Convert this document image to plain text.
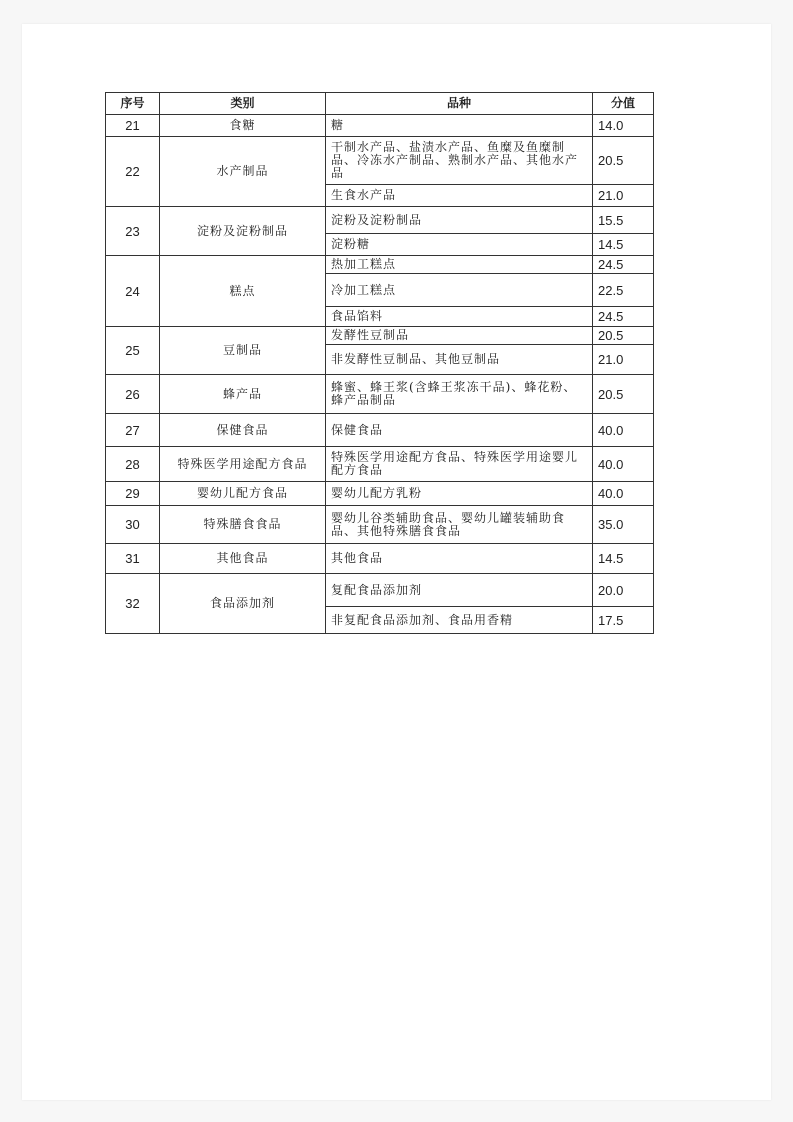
序号	类别	品种	分值
21	食糖	糖	14.0
22	水产制品	干制水产品、盐渍水产品、鱼糜及鱼糜制品、冷冻水产制品、熟制水产品、其他水产品	20.5
		生食水产品	21.0
23	淀粉及淀粉制品	淀粉及淀粉制品	15.5
		淀粉糖	14.5
24	糕点	热加工糕点	24.5
		冷加工糕点	22.5
		食品馅料	24.5
25	豆制品	发酵性豆制品	20.5
		非发酵性豆制品、其他豆制品	21.0
26	蜂产品	蜂蜜、蜂王浆(含蜂王浆冻干品)、蜂花粉、蜂产品制品	20.5
27	保健食品	保健食品	40.0
28	特殊医学用途配方食品	特殊医学用途配方食品、特殊医学用途婴儿配方食品	40.0
29	婴幼儿配方食品	婴幼儿配方乳粉	40.0
30	特殊膳食食品	婴幼儿谷类辅助食品、婴幼儿罐装辅助食品、其他特殊膳食食品	35.0
31	其他食品	其他食品	14.5
32	食品添加剂	复配食品添加剂	20.0
		非复配食品添加剂、食品用香精	17.5
